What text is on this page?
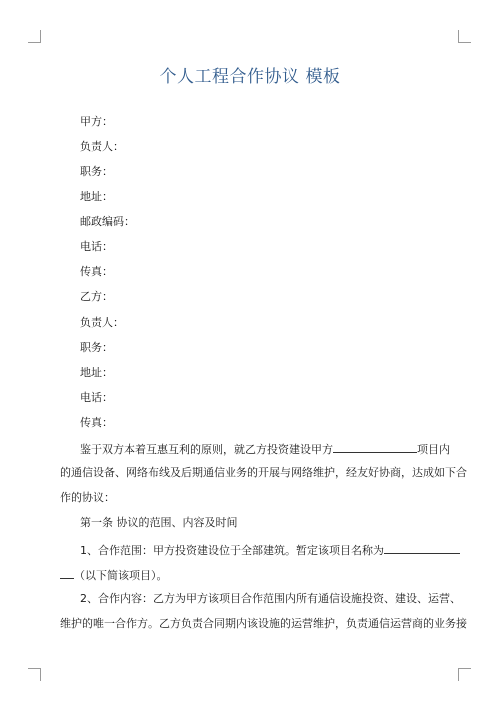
个人工程合作协议 模板
甲方：
负责人：
职务：
地址：
邮政编码：
电话：
传真：
乙方：
负责人：
职务：
地址：
电话：
传真：
鉴于双方本着互惠互利的原则，就乙方投资建设甲方	项目内
的通信设备、网络布线及后期通信业务的开展与网络维护，经友好协商，达成如下合
作的协议：
第一条 协议的范围、内容及时间
1、合作范围：甲方投资建设位于全部建筑。暂定该项目名称为
（以下简该项目）。
2、合作内容：乙方为甲方该项目合作范围内所有通信设施投资、建设、运营、
维护的唯一合作方。乙方负责合同期内该设施的运营维护，负责通信运营商的业务接
